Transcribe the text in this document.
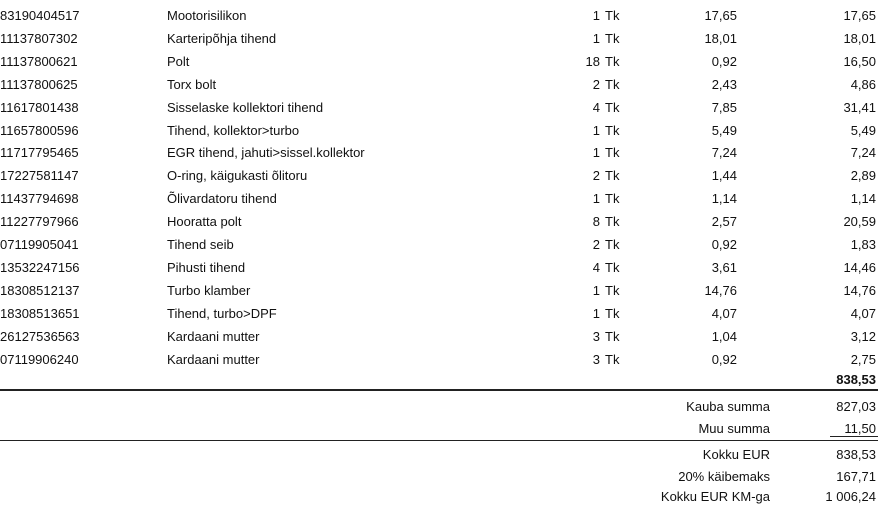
83190404517	Mootorisilikon	1 Tk	17,65	17,65
11137807302	Karteripõhja tihend	1 Tk	18,01	18,01
11137800621	Polt	18 Tk	0,92	16,50
11137800625	Torx bolt	2 Tk	2,43	4,86
11617801438	Sisselaske kollektori tihend	4 Tk	7,85	31,41
11657800596	Tihend, kollektor>turbo	1 Tk	5,49	5,49
11717795465	EGR tihend, jahuti>sissel.kollektor	1 Tk	7,24	7,24
17227581147	O-ring, käigukasti õlitoru	2 Tk	1,44	2,89
11437794698	Õlivardatoru tihend	1 Tk	1,14	1,14
11227797966	Hooratta polt	8 Tk	2,57	20,59
07119905041	Tihend seib	2 Tk	0,92	1,83
13532247156	Pihusti tihend	4 Tk	3,61	14,46
18308512137	Turbo klamber	1 Tk	14,76	14,76
18308513651	Tihend, turbo>DPF	1 Tk	4,07	4,07
26127536563	Kardaani mutter	3 Tk	1,04	3,12
07119906240	Kardaani mutter	3 Tk	0,92	2,75
838,53
Kauba summa	827,03
Muu summa	11,50
Kokku EUR	838,53
20% käibemaks	167,71
Kokku EUR KM-ga	1 006,24
